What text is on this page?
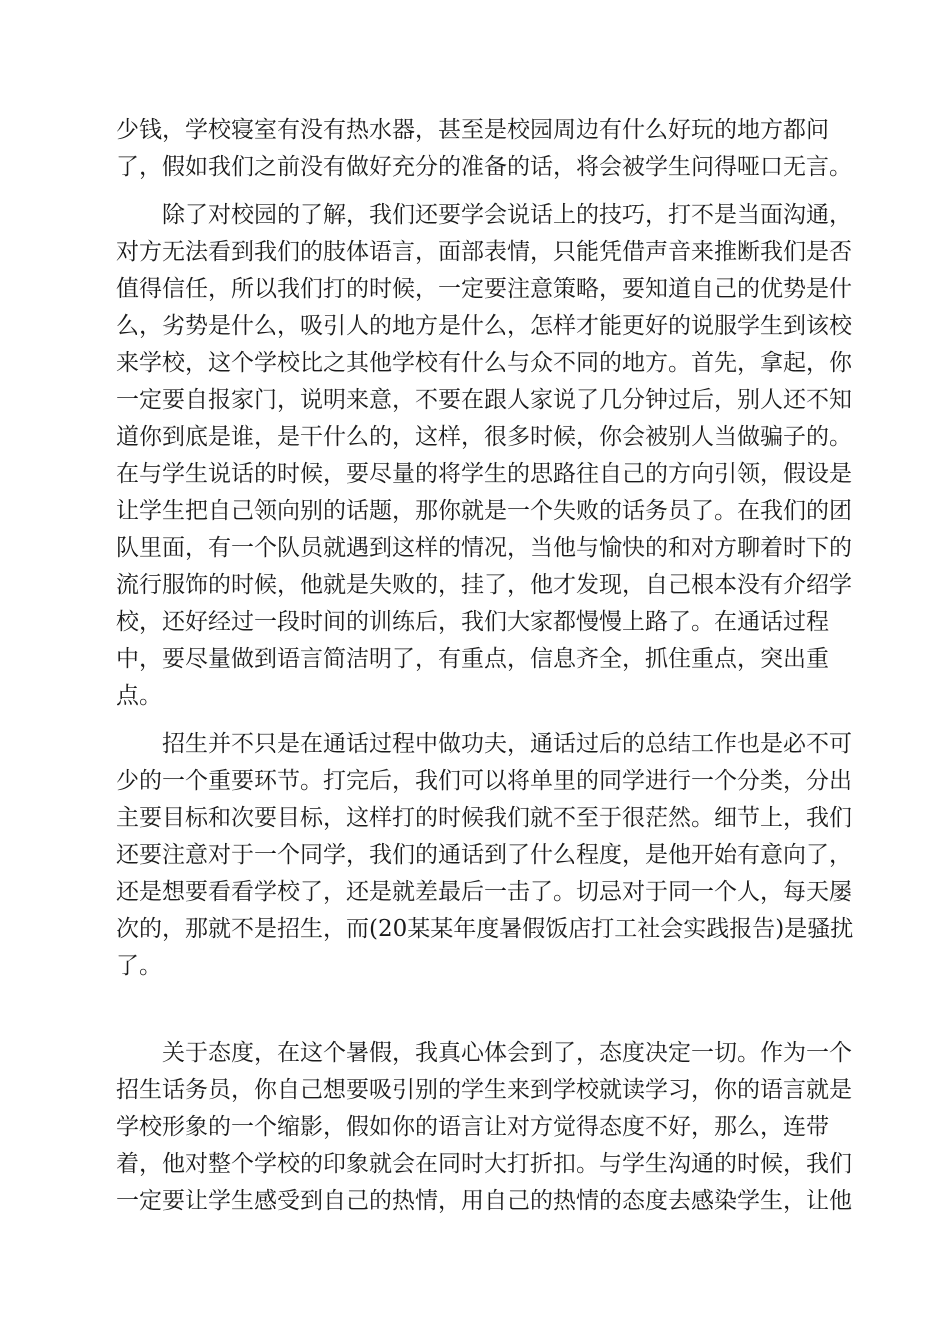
少钱，学校寝室有没有热水器，甚至是校园周边有什么好玩的地方都问
了，假如我们之前没有做好充分的准备的话，将会被学生问得哑口无言。
　　除了对校园的了解，我们还要学会说话上的技巧，打不是当面沟通，
对方无法看到我们的肢体语言，面部表情，只能凭借声音来推断我们是否
值得信任，所以我们打的时候，一定要注意策略，要知道自己的优势是什
么，劣势是什么，吸引人的地方是什么，怎样才能更好的说服学生到该校
来学校，这个学校比之其他学校有什么与众不同的地方。首先，拿起，你
一定要自报家门，说明来意，不要在跟人家说了几分钟过后，别人还不知
道你到底是谁，是干什么的，这样，很多时候，你会被别人当做骗子的。
在与学生说话的时候，要尽量的将学生的思路往自己的方向引领，假设是
让学生把自己领向别的话题，那你就是一个失败的话务员了。在我们的团
队里面，有一个队员就遇到这样的情况，当他与愉快的和对方聊着时下的
流行服饰的时候，他就是失败的，挂了，他才发现，自己根本没有介绍学
校，还好经过一段时间的训练后，我们大家都慢慢上路了。在通话过程
中，要尽量做到语言简洁明了，有重点，信息齐全，抓住重点，突出重
点。
　　招生并不只是在通话过程中做功夫，通话过后的总结工作也是必不可
少的一个重要环节。打完后，我们可以将单里的同学进行一个分类，分出
主要目标和次要目标，这样打的时候我们就不至于很茫然。细节上，我们
还要注意对于一个同学，我们的通话到了什么程度，是他开始有意向了，
还是想要看看学校了，还是就差最后一击了。切忌对于同一个人，每天屡
次的，那就不是招生，而(20某某年度暑假饭店打工社会实践报告)是骚扰
了。
　　关于态度，在这个暑假，我真心体会到了，态度决定一切。作为一个
招生话务员，你自己想要吸引别的学生来到学校就读学习，你的语言就是
学校形象的一个缩影，假如你的语言让对方觉得态度不好，那么，连带
着，他对整个学校的印象就会在同时大打折扣。与学生沟通的时候，我们
一定要让学生感受到自己的热情，用自己的热情的态度去感染学生，让他
